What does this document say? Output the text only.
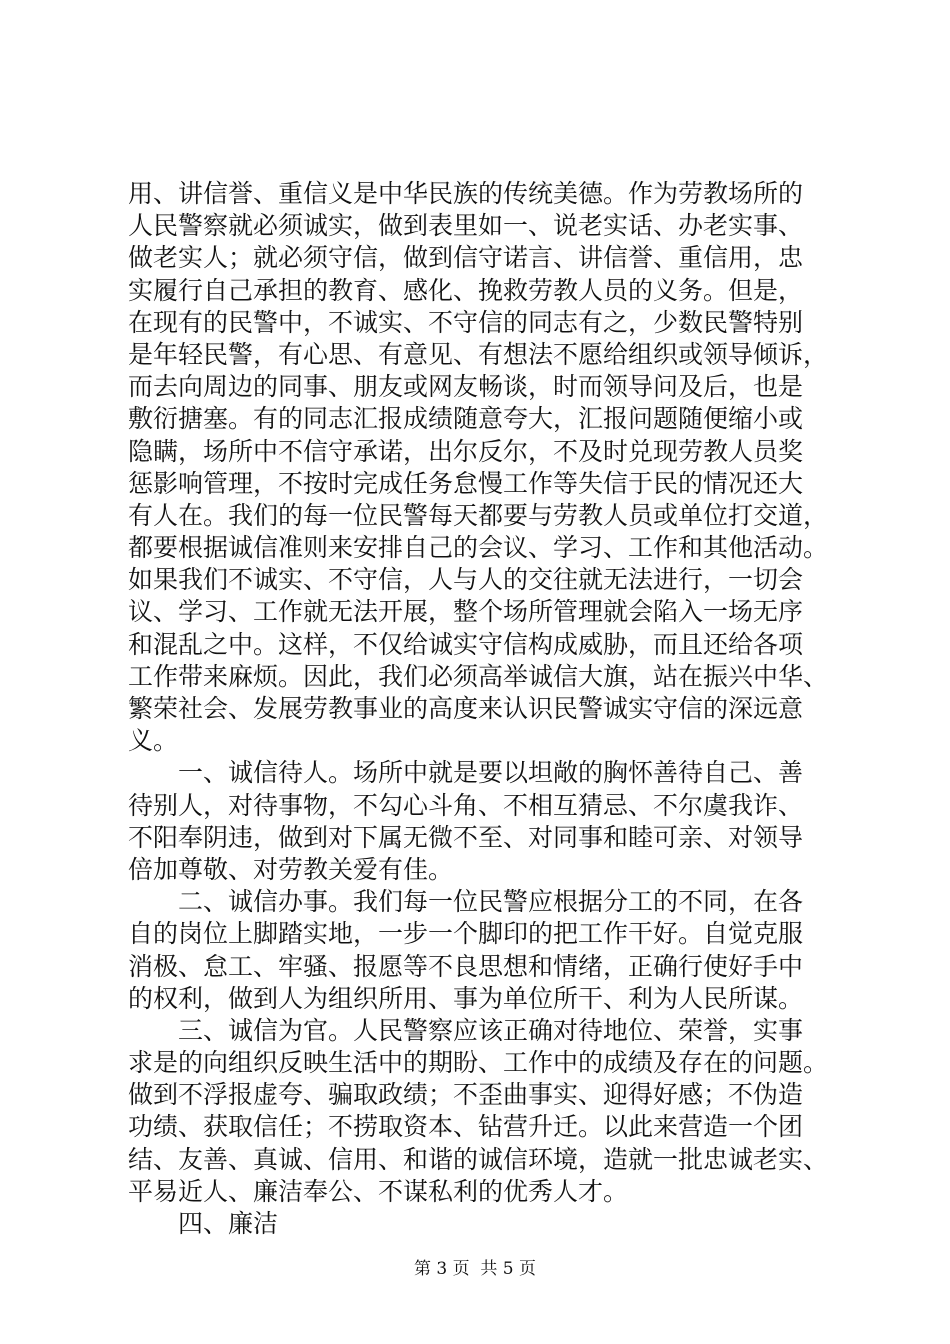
用、讲信誉、重信义是中华民族的传统美德。作为劳教场所的
人民警察就必须诚实，做到表里如一、说老实话、办老实事、
做老实人；就必须守信，做到信守诺言、讲信誉、重信用，忠
实履行自己承担的教育、感化、挽救劳教人员的义务。但是，
在现有的民警中，不诚实、不守信的同志有之，少数民警特别
是年轻民警，有心思、有意见、有想法不愿给组织或领导倾诉，
而去向周边的同事、朋友或网友畅谈，时而领导问及后，也是
敷衍搪塞。有的同志汇报成绩随意夸大，汇报问题随便缩小或
隐瞒，场所中不信守承诺，出尔反尔，不及时兑现劳教人员奖
惩影响管理，不按时完成任务怠慢工作等失信于民的情况还大
有人在。我们的每一位民警每天都要与劳教人员或单位打交道，
都要根据诚信准则来安排自己的会议、学习、工作和其他活动。
如果我们不诚实、不守信，人与人的交往就无法进行，一切会
议、学习、工作就无法开展，整个场所管理就会陷入一场无序
和混乱之中。这样，不仅给诚实守信构成威胁，而且还给各项
工作带来麻烦。因此，我们必须高举诚信大旗，站在振兴中华、
繁荣社会、发展劳教事业的高度来认识民警诚实守信的深远意
义。
　　一、诚信待人。场所中就是要以坦敞的胸怀善待自己、善
待别人，对待事物，不勾心斗角、不相互猜忌、不尔虞我诈、
不阳奉阴违，做到对下属无微不至、对同事和睦可亲、对领导
倍加尊敬、对劳教关爱有佳。
　　二、诚信办事。我们每一位民警应根据分工的不同，在各
自的岗位上脚踏实地，一步一个脚印的把工作干好。自觉克服
消极、怠工、牢骚、报愿等不良思想和情绪，正确行使好手中
的权利，做到人为组织所用、事为单位所干、利为人民所谋。
　　三、诚信为官。人民警察应该正确对待地位、荣誉，实事
求是的向组织反映生活中的期盼、工作中的成绩及存在的问题。
做到不浮报虚夸、骗取政绩；不歪曲事实、迎得好感；不伪造
功绩、获取信任；不捞取资本、钻营升迁。以此来营造一个团
结、友善、真诚、信用、和谐的诚信环境，造就一批忠诚老实、
平易近人、廉洁奉公、不谋私利的优秀人才。
　　四、廉洁
第 3 页  共 5 页
